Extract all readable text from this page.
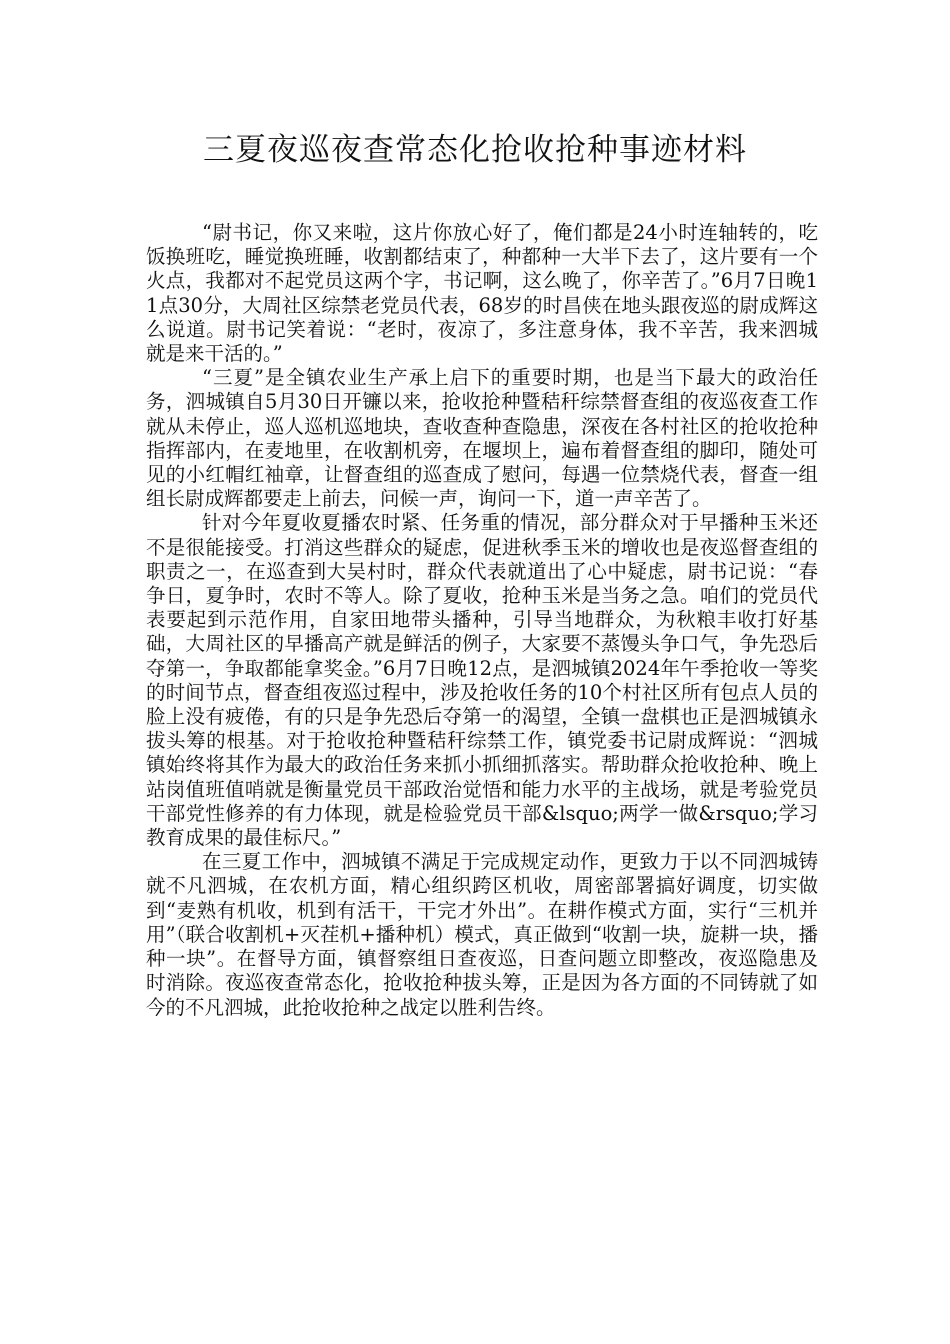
三夏夜巡夜查常态化抢收抢种事迹材料

“尉书记，你又来啦，这片你放心好了，俺们都是24小时连轴转的，吃饭换班吃，睡觉换班睡，收割都结束了，种都种一大半下去了，这片要有一个火点，我都对不起党员这两个字，书记啊，这么晚了，你辛苦了。”6月7日晚11点30分，大周社区综禁老党员代表，68岁的时昌侠在地头跟夜巡的尉成辉这么说道。尉书记笑着说：“老时，夜凉了，多注意身体，我不辛苦，我来泗城就是来干活的。”

“三夏”是全镇农业生产承上启下的重要时期，也是当下最大的政治任务，泗城镇自5月30日开镰以来，抢收抢种暨秸秆综禁督查组的夜巡夜查工作就从未停止，巡人巡机巡地块，查收查种查隐患，深夜在各村社区的抢收抢种指挥部内，在麦地里，在收割机旁，在堰坝上，遍布着督查组的脚印，随处可见的小红帽红袖章，让督查组的巡查成了慰问，每遇一位禁烧代表，督查一组组长尉成辉都要走上前去，问候一声，询问一下，道一声辛苦了。

针对今年夏收夏播农时紧、任务重的情况，部分群众对于早播种玉米还不是很能接受。打消这些群众的疑虑，促进秋季玉米的增收也是夜巡督查组的职责之一，在巡查到大吴村时，群众代表就道出了心中疑虑，尉书记说：“春争日，夏争时，农时不等人。除了夏收，抢种玉米是当务之急。咱们的党员代表要起到示范作用，自家田地带头播种，引导当地群众，为秋粮丰收打好基础，大周社区的早播高产就是鲜活的例子，大家要不蒸馒头争口气，争先恐后夺第一，争取都能拿奖金。”6月7日晚12点，是泗城镇2024年午季抢收一等奖的时间节点，督查组夜巡过程中，涉及抢收任务的10个村社区所有包点人员的脸上没有疲倦，有的只是争先恐后夺第一的渴望，全镇一盘棋也正是泗城镇永拔头筹的根基。对于抢收抢种暨秸秆综禁工作，镇党委书记尉成辉说：“泗城镇始终将其作为最大的政治任务来抓小抓细抓落实。帮助群众抢收抢种、晚上站岗值班值哨就是衡量党员干部政治觉悟和能力水平的主战场，就是考验党员干部党性修养的有力体现，就是检验党员干部&lsquo;两学一做&rsquo;学习教育成果的最佳标尺。”

在三夏工作中，泗城镇不满足于完成规定动作，更致力于以不同泗城铸就不凡泗城，在农机方面，精心组织跨区机收，周密部署搞好调度，切实做到“麦熟有机收，机到有活干，干完才外出”。在耕作模式方面，实行“三机并用”（联合收割机+灭茬机+播种机）模式，真正做到“收割一块，旋耕一块，播种一块”。在督导方面，镇督察组日查夜巡，日查问题立即整改，夜巡隐患及时消除。夜巡夜查常态化，抢收抢种拔头筹，正是因为各方面的不同铸就了如今的不凡泗城，此抢收抢种之战定以胜利告终。
